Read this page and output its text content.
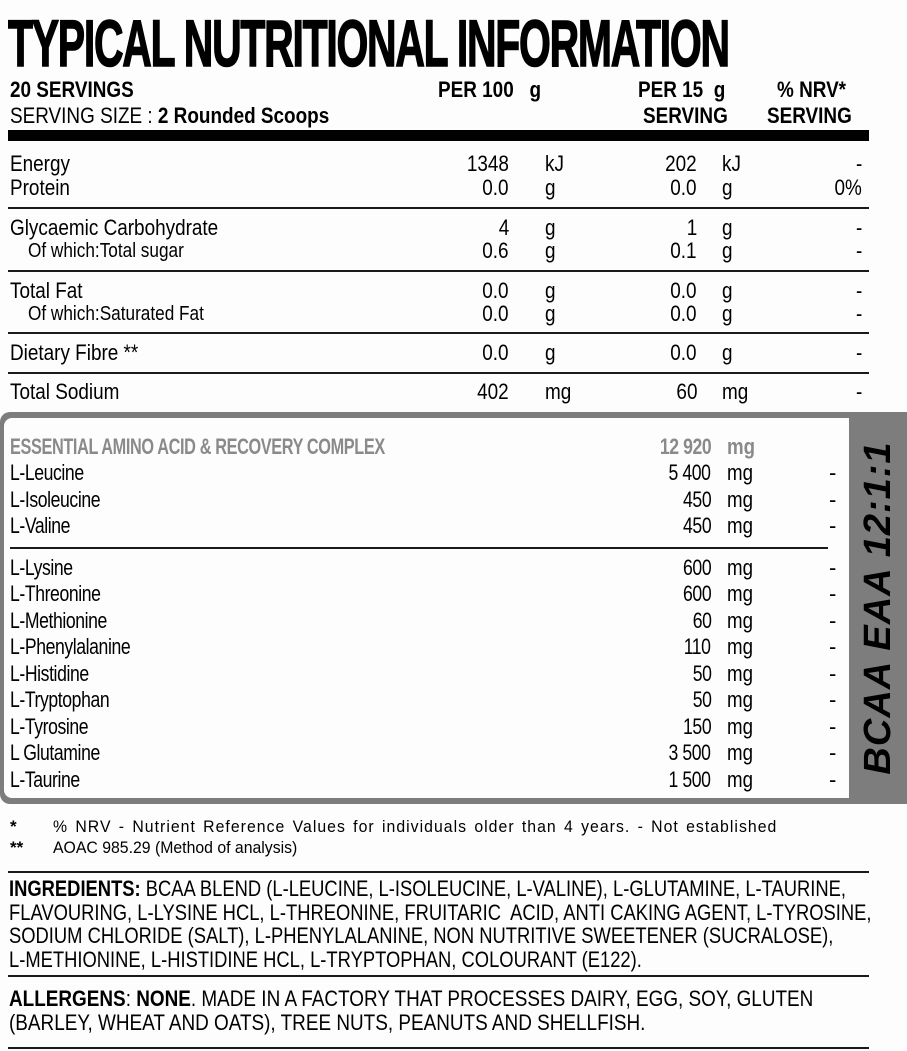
TYPICAL NUTRITIONAL INFORMATION
20 SERVINGS
SERVING SIZE : 2 Rounded Scoops
PER 100   g	PER 15  g
SERVING
% NRV*
SERVING
Energy	1348 kJ	202 kJ	-
Protein	0.0 g	0.0 g	0%
Glycaemic Carbohydrate	4 g	1 g	-
Of which:Total sugar	0.6 g	0.1 g	-
Total Fat	0.0 g	0.0 g	-
Of which:Saturated Fat	0.0 g	0.0 g	-
Dietary Fibre **	0.0 g	0.0 g	-
Total Sodium	402 mg	60 mg	-
ESSENTIAL AMINO ACID & RECOVERY COMPLEX	12 920 mg
L-Leucine	5 400 mg	-
L-Isoleucine	450 mg	-
L-Valine	450 mg	-
L-Lysine	600 mg	-
L-Threonine	600 mg	-
L-Methionine	60 mg	-
L-Phenylalanine	110 mg	-
L-Histidine	50 mg	-
L-Tryptophan	50 mg	-
L-Tyrosine	150 mg	-
L Glutamine	3 500 mg	-
L-Taurine	1 500 mg	-
BCAA EAA 12:1:1
* % NRV - Nutrient Reference Values for individuals older than 4 years. - Not established
** AOAC 985.29 (Method of analysis)
INGREDIENTS: BCAA BLEND (L-LEUCINE, L-ISOLEUCINE, L-VALINE), L-GLUTAMINE, L-TAURINE,
FLAVOURING, L-LYSINE HCL, L-THREONINE, FRUITARIC  ACID, ANTI CAKING AGENT, L-TYROSINE,
SODIUM CHLORIDE (SALT), L-PHENYLALANINE, NON NUTRITIVE SWEETENER (SUCRALOSE),
L-METHIONINE, L-HISTIDINE HCL, L-TRYPTOPHAN, COLOURANT (E122).
ALLERGENS: NONE. MADE IN A FACTORY THAT PROCESSES DAIRY, EGG, SOY, GLUTEN
(BARLEY, WHEAT AND OATS), TREE NUTS, PEANUTS AND SHELLFISH.
